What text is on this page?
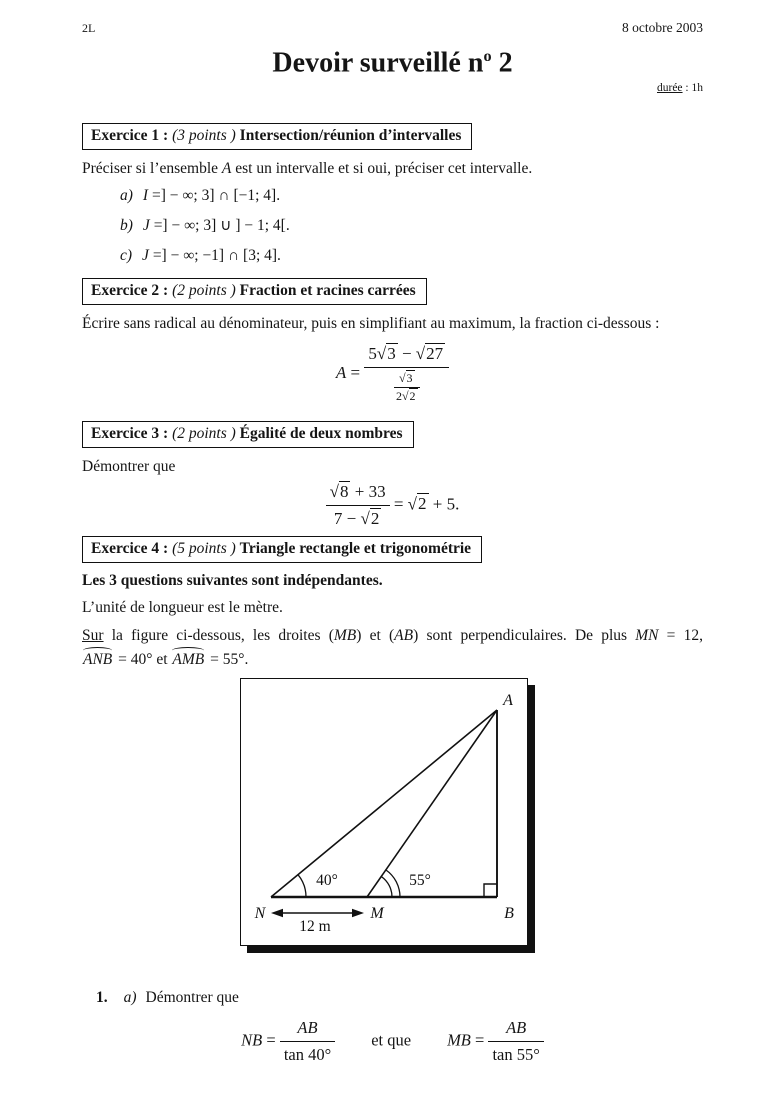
2L	8 octobre 2003
Devoir surveillé $n^o$ 2
durée : 1h
Exercice 1 : (3 points ) Intersection/réunion d’intervalles

Préciser si l’ensemble A est un intervalle et si oui, préciser cet intervalle.

a) I =] − ∞; 3] ∩ [−1; 4].
b) J =] − ∞; 3] ∪ ] − 1; 4[.
c) J =] − ∞; −1] ∩ [3; 4].
Exercice 2 : (2 points ) Fraction et racines carrées

Écrire sans radical au dénominateur, puis en simplifiant au maximum, la fraction ci-dessous :

$A = \frac{5√3 - √27}{\frac{√3}{2√2}}$
Exercice 3 : (2 points ) Égalité de deux nombres

Démontrer que

$\frac{√8 + 33}{7 - √2} = √2 + 5$.
Exercice 4 : (5 points ) Triangle rectangle et trigonométrie

Les 3 questions suivantes sont indépendantes.

L’unité de longueur est le mètre.

Sur la figure ci-dessous, les droites (MB) et (AB) sont perpendiculaires. De plus MN = 12,

ANB = 40° et AMB = 55°.

A
N	M	B
40°	55°
12 m
1. a) Démontrer que
NB = $\frac{AB}{\tan 40^\circ}$ et que MB = $\frac{AB}{\tan 55^\circ}$
